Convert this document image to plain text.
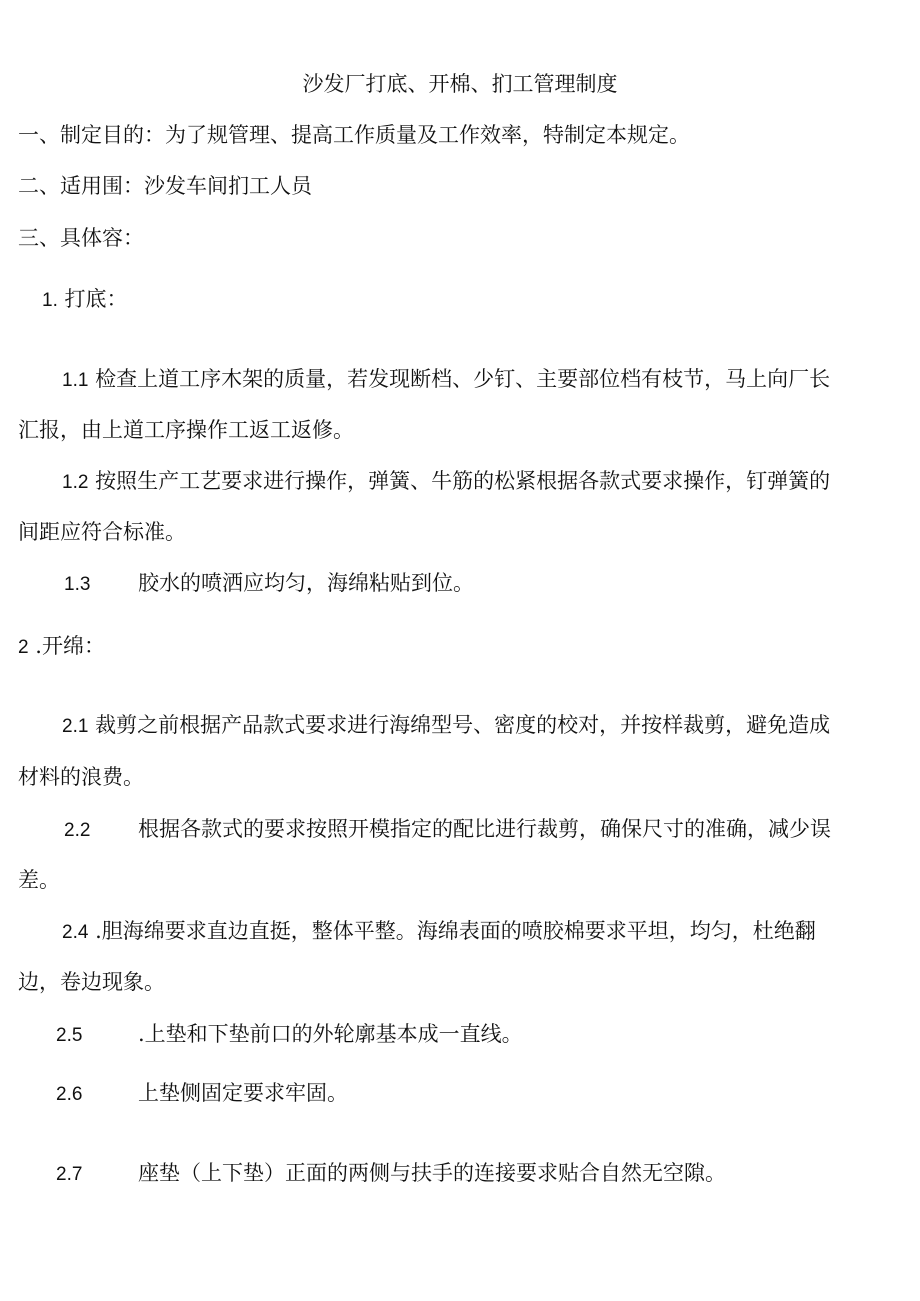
沙发厂打底、开棉、扪工管理制度
一、制定目的：为了规管理、提高工作质量及工作效率，特制定本规定。
二、适用围：沙发车间扪工人员
三、具体容：
1. 打底：
1.1 检查上道工序木架的质量，若发现断档、少钉、主要部位档有枝节，马上向厂长
汇报，由上道工序操作工返工返修。
1.2 按照生产工艺要求进行操作，弹簧、牛筋的松紧根据各款式要求操作，钉弹簧的
间距应符合标准。
1.3 胶水的喷洒应均匀，海绵粘贴到位。
2 .开绵：
2.1 裁剪之前根据产品款式要求进行海绵型号、密度的校对，并按样裁剪，避免造成
材料的浪费。
2.2 根据各款式的要求按照开模指定的配比进行裁剪，确保尺寸的准确，减少误
差。
2.4 .胆海绵要求直边直挺，整体平整。海绵表面的喷胶棉要求平坦，均匀，杜绝翻
边，卷边现象。
2.5	.上垫和下垫前口的外轮廓基本成一直线。
2.6	上垫侧固定要求牢固。
2.7	座垫（上下垫）正面的两侧与扶手的连接要求贴合自然无空隙。
